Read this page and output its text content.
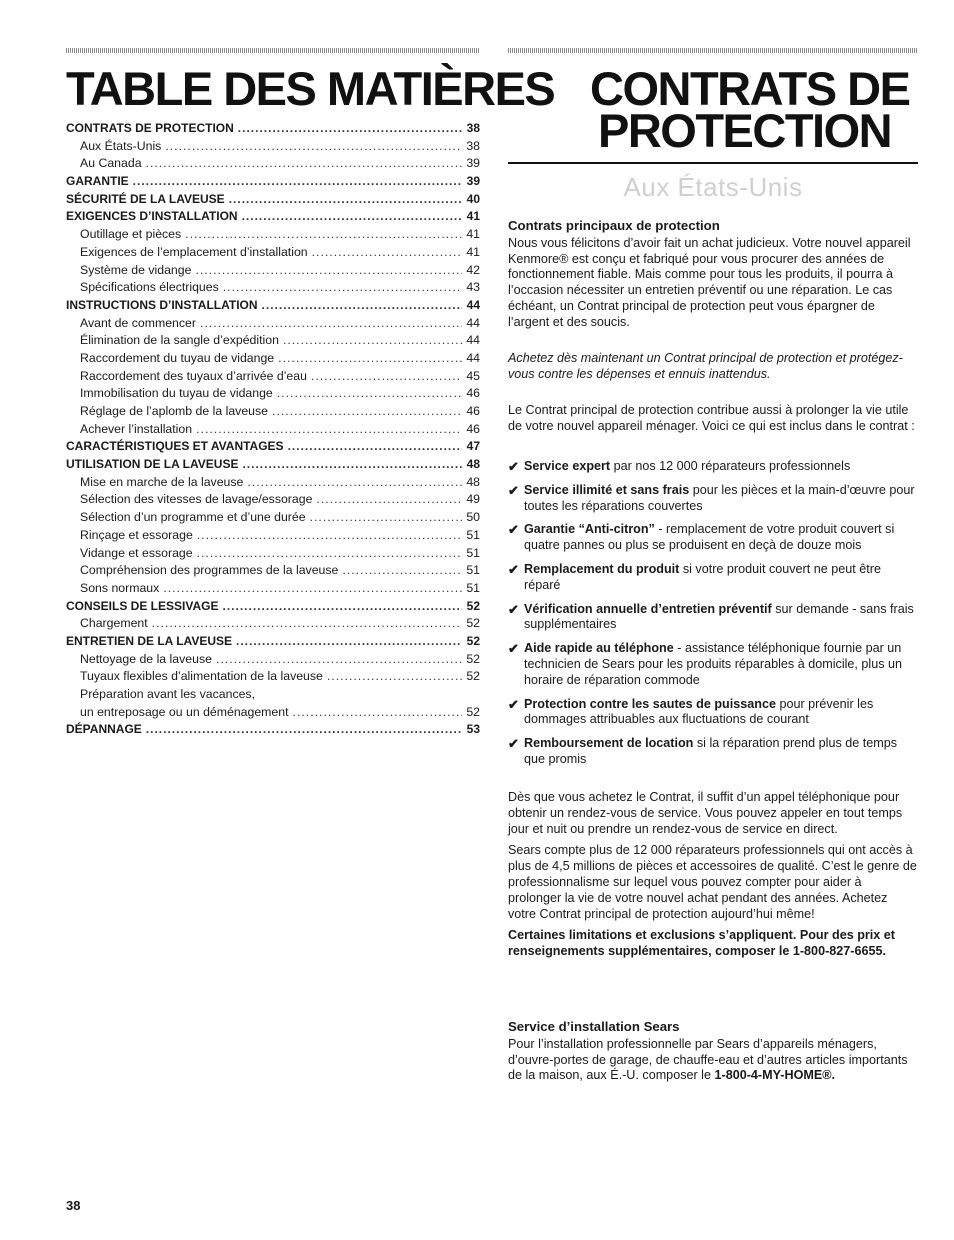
TABLE DES MATIÈRES
CONTRATS DE PROTECTION .....	38
Aux États-Unis .....	38
Au Canada .....	39
GARANTIE .....	39
SÉCURITÉ DE LA LAVEUSE .....	40
EXIGENCES D’INSTALLATION .....	41
Outillage et pièces .....	41
Exigences de l’emplacement d’installation .....	41
Système de vidange .....	42
Spécifications électriques .....	43
INSTRUCTIONS D’INSTALLATION .....	44
Avant de commencer .....	44
Élimination de la sangle d’expédition .....	44
Raccordement du tuyau de vidange .....	44
Raccordement des tuyaux d’arrivée d’eau .....	45
Immobilisation du tuyau de vidange .....	46
Réglage de l’aplomb de la laveuse .....	46
Achever l’installation .....	46
CARACTÉRISTIQUES ET AVANTAGES .....	47
UTILISATION DE LA LAVEUSE .....	48
Mise en marche de la laveuse .....	48
Sélection des vitesses de lavage/essorage .....	49
Sélection d’un programme et d’une durée .....	50
Rinçage et essorage .....	51
Vidange et essorage .....	51
Compréhension des programmes de la laveuse .....	51
Sons normaux .....	51
CONSEILS DE LESSIVAGE .....	52
Chargement .....	52
ENTRETIEN DE LA LAVEUSE .....	52
Nettoyage de la laveuse .....	52
Tuyaux flexibles d’alimentation de la laveuse .....	52
Préparation avant les vacances,
un entreposage ou un déménagement .....	52
DÉPANNAGE .....	53
CONTRATS DE
PROTECTION
Aux États-Unis
Contrats principaux de protection

Nous vous félicitons d’avoir fait un achat judicieux. Votre nouvel appareil Kenmore® est conçu et fabriqué pour vous procurer des années de fonctionnement fiable. Mais comme pour tous les produits, il pourra à l’occasion nécessiter un entretien préventif ou une réparation. Le cas échéant, un Contrat principal de protection peut vous épargner de l’argent et des soucis.

Achetez dès maintenant un Contrat principal de protection et protégez-vous contre les dépenses et ennuis inattendus.

Le Contrat principal de protection contribue aussi à prolonger la vie utile de votre nouvel appareil ménager. Voici ce qui est inclus dans le contrat :

✔ Service expert par nos 12 000 réparateurs professionnels
✔ Service illimité et sans frais pour les pièces et la main-d’œuvre pour toutes les réparations couvertes
✔ Garantie “Anti-citron” - remplacement de votre produit couvert si quatre pannes ou plus se produisent en deçà de douze mois
✔ Remplacement du produit si votre produit couvert ne peut être réparé
✔ Vérification annuelle d’entretien préventif sur demande - sans frais supplémentaires
✔ Aide rapide au téléphone - assistance téléphonique fournie par un technicien de Sears pour les produits réparables à domicile, plus un horaire de réparation commode
✔ Protection contre les sautes de puissance pour prévenir les dommages attribuables aux fluctuations de courant
✔ Remboursement de location si la réparation prend plus de temps que promis

Dès que vous achetez le Contrat, il suffit d’un appel téléphonique pour obtenir un rendez-vous de service. Vous pouvez appeler en tout temps jour et nuit ou prendre un rendez-vous de service en direct.

Sears compte plus de 12 000 réparateurs professionnels qui ont accès à plus de 4,5 millions de pièces et accessoires de qualité. C’est le genre de professionnalisme sur lequel vous pouvez compter pour aider à prolonger la vie de votre nouvel achat pendant des années. Achetez votre Contrat principal de protection aujourd’hui même!

Certaines limitations et exclusions s’appliquent. Pour des prix et renseignements supplémentaires, composer le 1-800-827-6655.

Service d’installation Sears

Pour l’installation professionnelle par Sears d’appareils ménagers, d’ouvre-portes de garage, de chauffe-eau et d’autres articles importants de la maison, aux É.-U. composer le 1-800-4-MY-HOME®.

38
